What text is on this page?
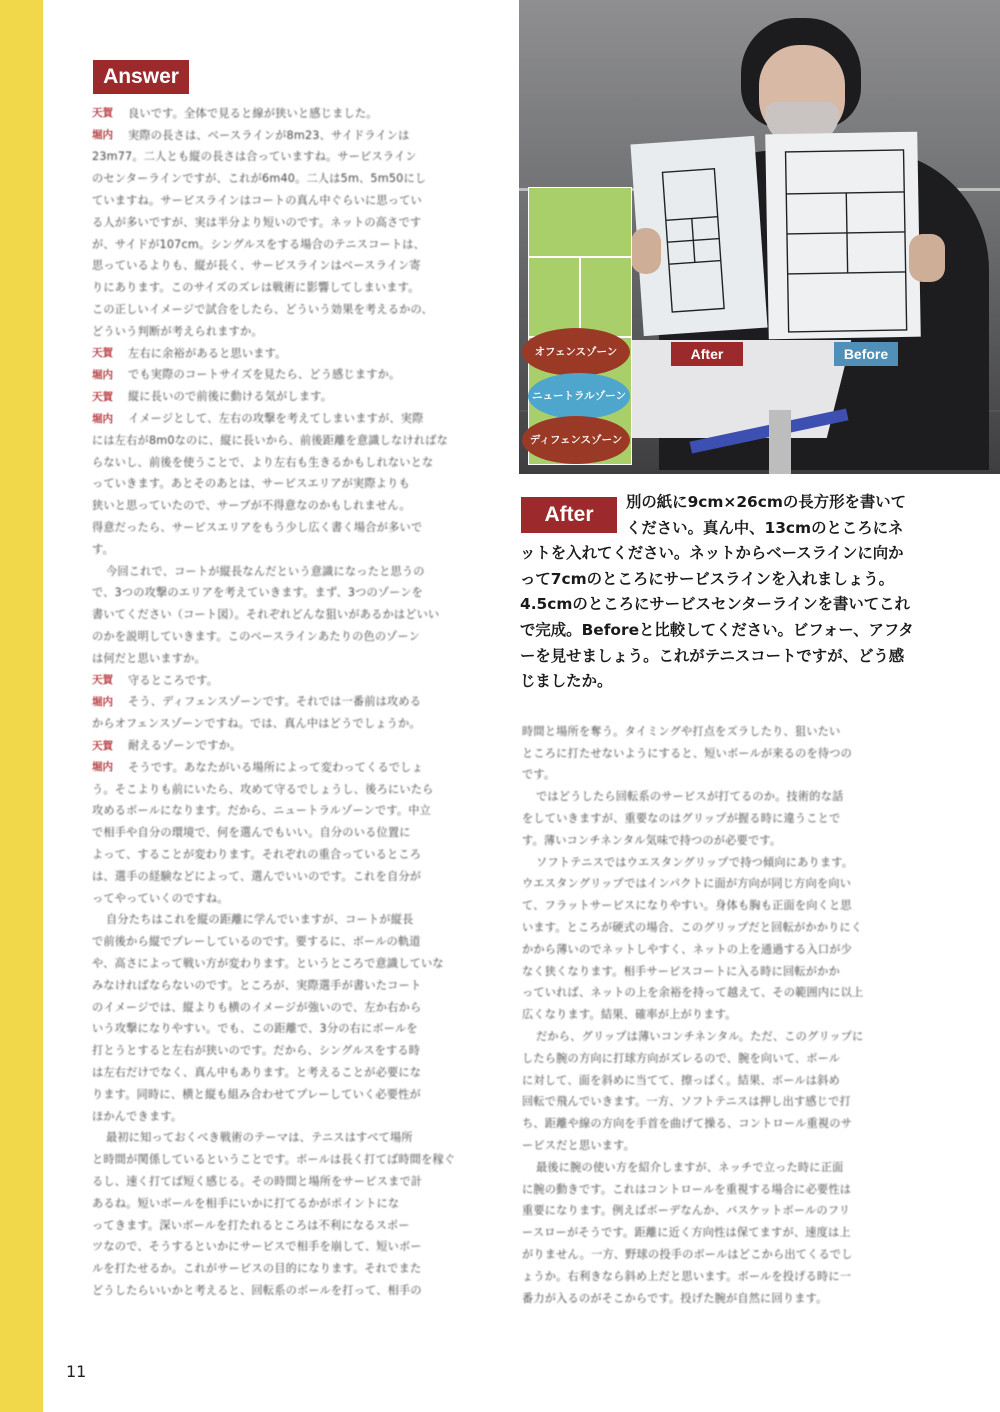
Answer
天賀	良いです。全体で見ると線が狭いと感じました。
堀内	実際の長さは、ベースラインが8m23、サイドラインは
23m77。二人とも縦の長さは合っていますね。サービスライン
のセンターラインですが、これが6m40。二人は5m、5m50にし
ていますね。サービスラインはコートの真ん中ぐらいに思ってい
る人が多いですが、実は半分より短いのです。ネットの高さです
が、サイドが107cm。シングルスをする場合のテニスコートは、
思っているよりも、縦が長く、サービスラインはベースライン寄
りにあります。このサイズのズレは戦術に影響してしまいます。
この正しいイメージで試合をしたら、どういう効果を考えるかの、
どういう判断が考えられますか。
天賀	左右に余裕があると思います。
堀内	でも実際のコートサイズを見たら、どう感じますか。
天賀	縦に長いので前後に動ける気がします。
堀内	イメージとして、左右の攻撃を考えてしまいますが、実際
には左右が8m0なのに、縦に長いから、前後距離を意識しなければな
らないし、前後を使うことで、より左右も生きるかもしれないとな
っていきます。あとそのあとは、サービスエリアが実際よりも
狭いと思っていたので、サーブが不得意なのかもしれません。
得意だったら、サービスエリアをもう少し広く書く場合が多いで
す。
今回これで、コートが縦長なんだという意識になったと思うの
で、3つの攻撃のエリアを考えていきます。まず、3つのゾーンを
書いてください（コート図）。それぞれどんな狙いがあるかはどいい
のかを説明していきます。このベースラインあたりの色のゾーン
は何だと思いますか。
天賀	守るところです。
堀内	そう、ディフェンスゾーンです。それでは一番前は攻める
からオフェンスゾーンですね。では、真ん中はどうでしょうか。
天賀	耐えるゾーンですか。
堀内	そうです。あなたがいる場所によって変わってくるでしょ
う。そこよりも前にいたら、攻めて守るでしょうし、後ろにいたら
攻めるボールになります。だから、ニュートラルゾーンです。中立
で相手や自分の環境で、何を選んでもいい。自分のいる位置に
よって、することが変わります。それぞれの重合っているところ
は、選手の経験などによって、選んでいいのです。これを自分が
ってやっていくのですね。
自分たちはこれを縦の距離に学んでいますが、コートが縦長
で前後から縦でプレーしているのです。要するに、ボールの軌道
や、高さによって戦い方が変わります。というところで意識していな
みなければならないのです。ところが、実際選手が書いたコート
のイメージでは、縦よりも横のイメージが強いので、左か右から
いう攻撃になりやすい。でも、この距離で、3分の右にボールを
打とうとすると左右が狭いのです。だから、シングルスをする時
は左右だけでなく、真ん中もあります。と考えることが必要にな
ります。同時に、横と縦も組み合わせてプレーしていく必要性が
ほかんできます。
最初に知っておくべき戦術のテーマは、テニスはすべて場所
と時間が関係しているということです。ボールは長く打てば時間を稼ぐ
るし、速く打てば短く感じる。その時間と場所をサービスまで計
あるね。短いボールを相手にいかに打てるかがポイントにな
ってきます。深いボールを打たれるところは不利になるスポー
ツなので、そうするといかにサービスで相手を崩して、短いボー
ルを打たせるか。これがサービスの目的になります。それでまた
どうしたらいいかと考えると、回転系のボールを打って、相手の
After	Before
オフェンスゾーン
ニュートラル ゾーン
ディフェンスゾーン
After
別の紙に9cm×26cmの長方形を書いてください。真ん中、13cmのところにネットを入れてください。ネットからベースラインに向かって7cmのところにサービスラインを入れましょう。4.5cmのところにサービスセンターラインを書いてこれで完成。Beforeと比較してください。ビフォー、アフターを見せましょう。これがテニスコートですが、どう感じましたか。
時間と場所を奪う。タイミングや打点をズラしたり、狙いたい
ところに打たせないようにすると、短いボールが来るのを待つの
です。
ではどうしたら回転系のサービスが打てるのか。技術的な話
をしていきますが、重要なのはグリップが握る時に違うことで
す。薄いコンチネンタル気味で持つのが必要です。
ソフトテニスではウエスタングリップで持つ傾向にあります。
ウエスタングリップではインパクトに面が方向が同じ方向を向い
て、フラットサービスになりやすい。身体も胸も正面を向くと思
います。ところが硬式の場合、このグリップだと回転がかかりにく
かから薄いのでネットしやすく、ネットの上を通過する入口が少
なく狭くなります。相手サービスコートに入る時に回転がかか
っていれば、ネットの上を余裕を持って越えて、その範囲内に以上
広くなります。結果、確率が上がります。
だから、グリップは薄いコンチネンタル。ただ、このグリップに
したら腕の方向に打球方向がズレるので、腕を向いて、ボール
に対して、面を斜めに当てて、擦っぱく。結果、ボールは斜め
回転で飛んでいきます。一方、ソフトテニスは押し出す感じで打
ち、距離や線の方向を手首を曲げて操る、コントロール重視のサ
ービスだと思います。
最後に腕の使い方を紹介しますが、ネッチで立った時に正面
に腕の動きです。これはコントロールを重視する場合に必要性は
重要になります。例えばボーデなんか、バスケットボールのフリ
ースローがそうです。距離に近く方向性は保てますが、速度は上
がりません。一方、野球の投手のボールはどこから出てくるでし
ょうか。右利きなら斜め上だと思います。ボールを投げる時に一
番力が入るのがそこからです。投げた腕が自然に回ります。
11
